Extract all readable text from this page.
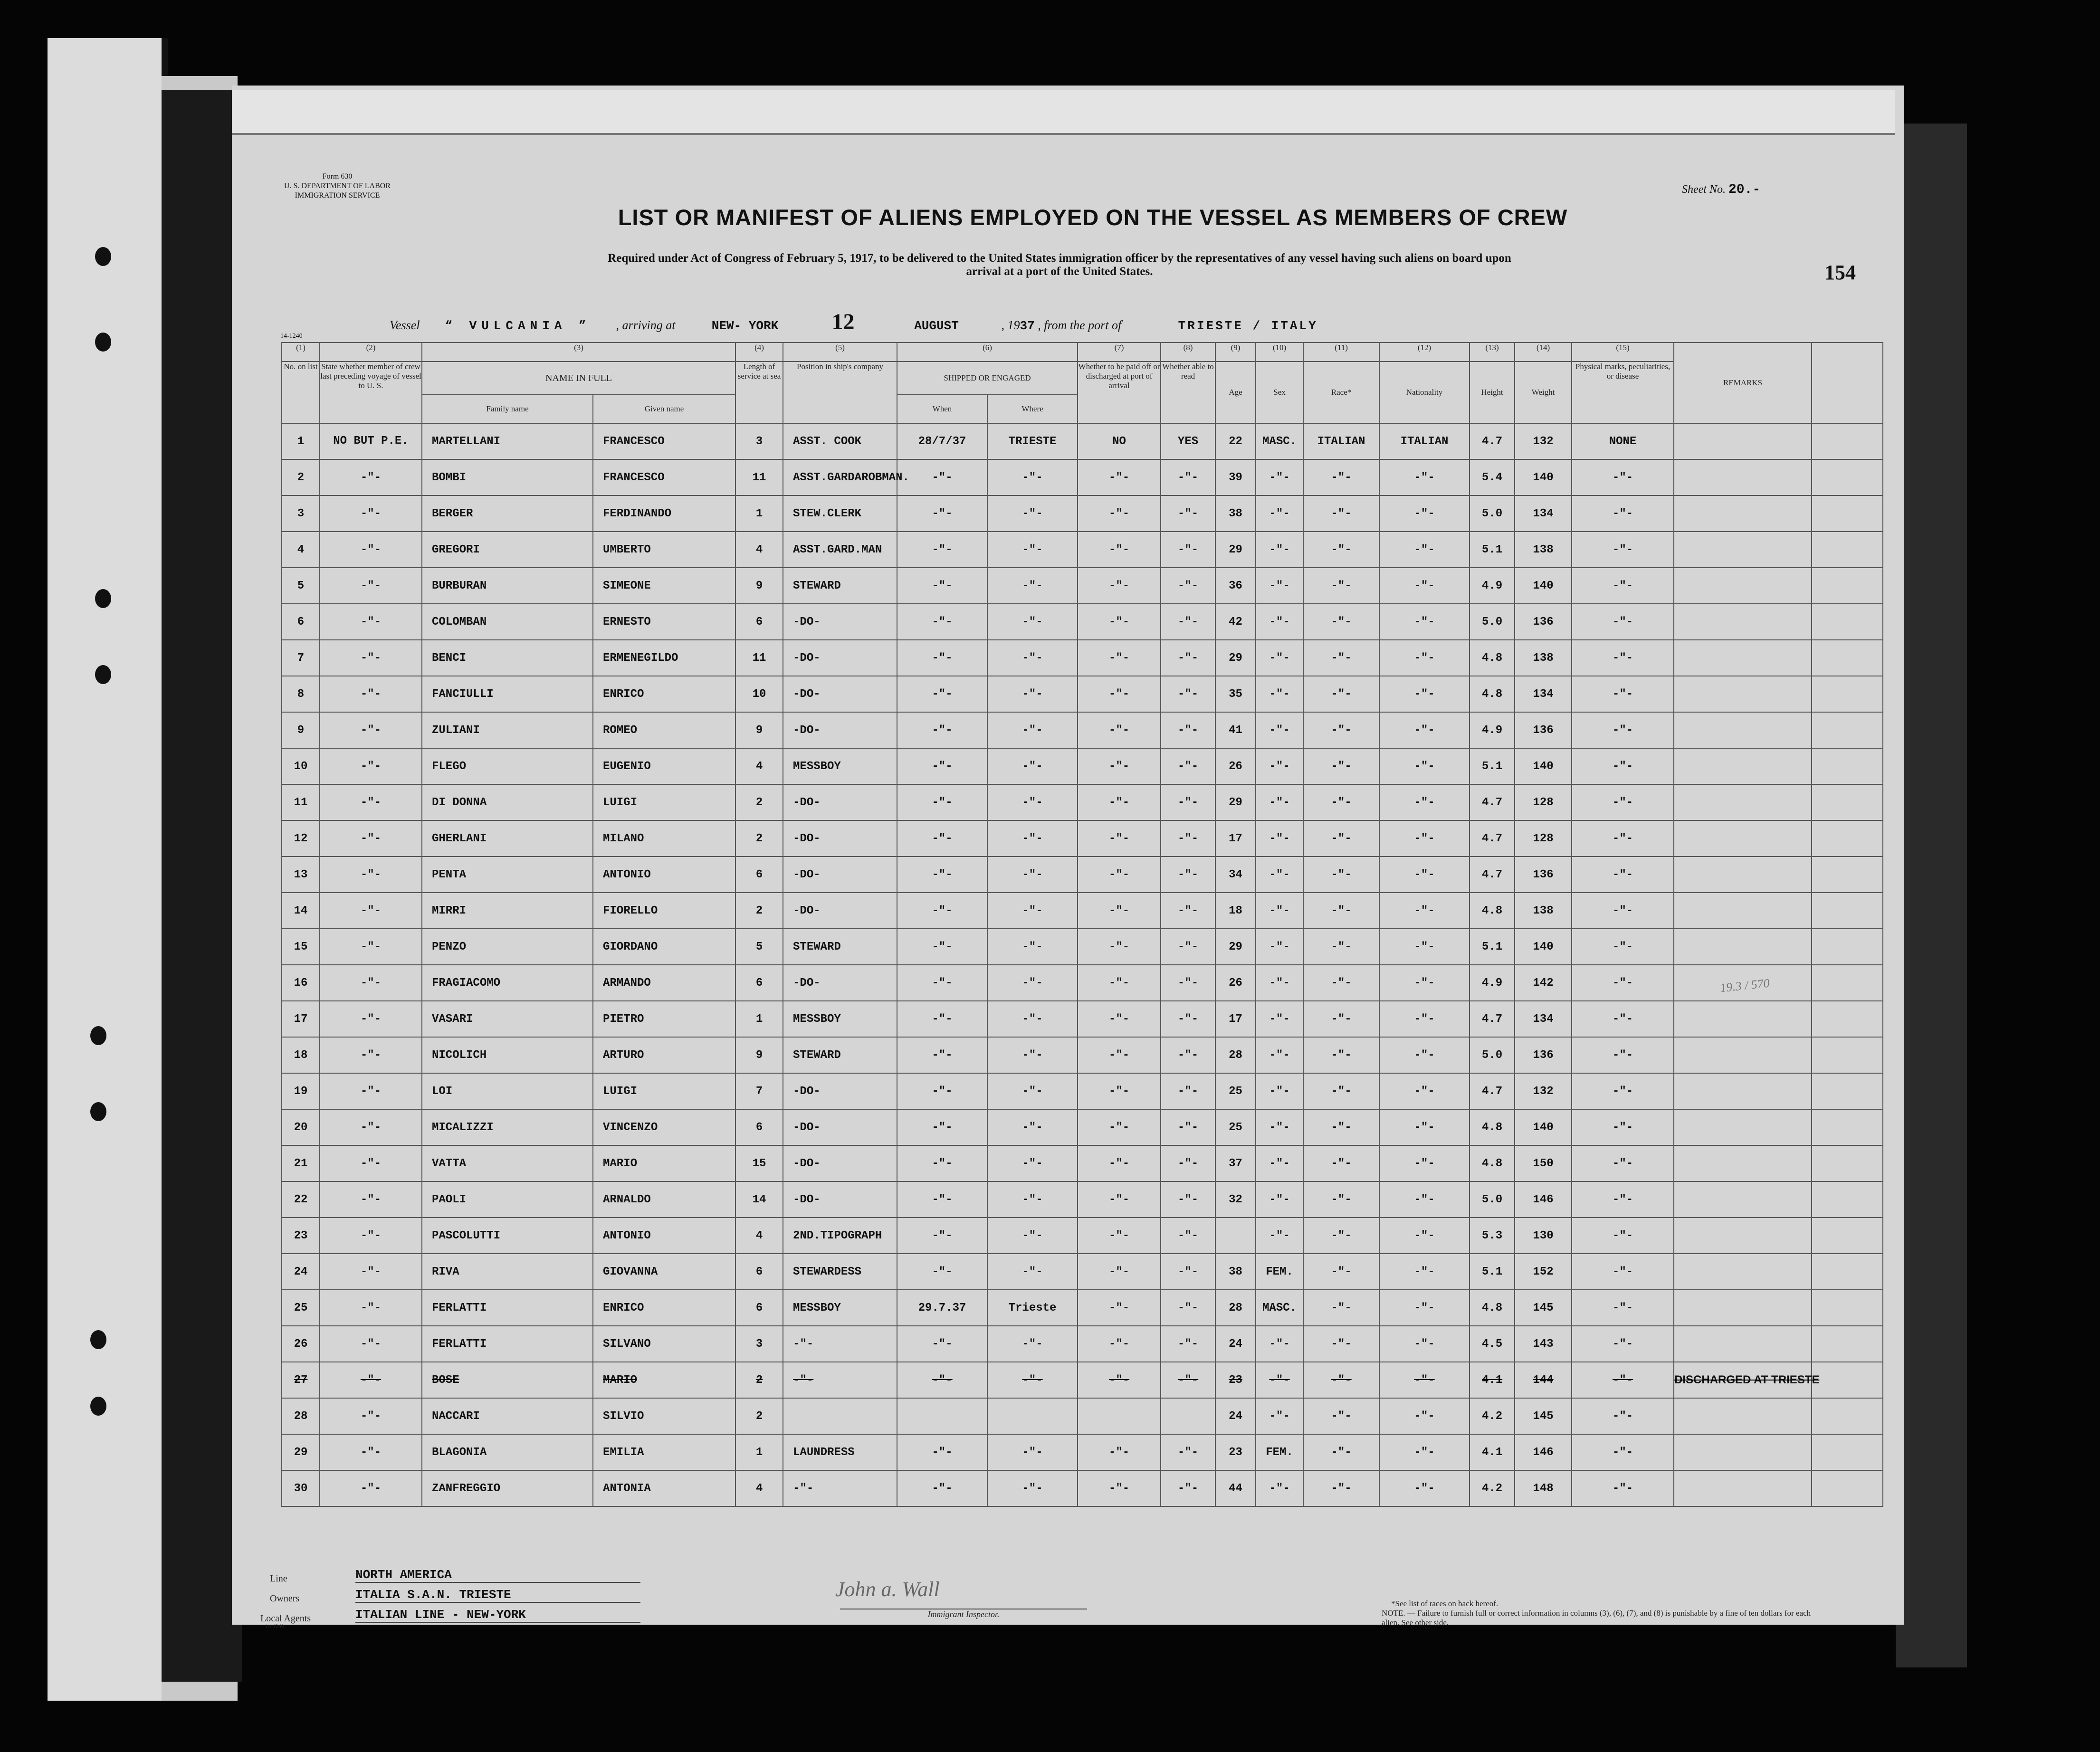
Form 630
U. S. DEPARTMENT OF LABOR
IMMIGRATION SERVICE	Sheet No. 20.-
154
LIST OR MANIFEST OF ALIENS EMPLOYED ON THE VESSEL AS MEMBERS OF CREW
Required under Act of Congress of February 5, 1917, to be delivered to the United States immigration officer by the representatives of any vessel having such aliens on board upon
arrival at a port of the United States.
Vessel “ VULCANIA ” , arriving at	NEW- YORK 12	AUGUST	, 1937 , from the port of	TRIESTE / ITALY
14-1240
(1)	(2)	(3)		(4)	(5)	(6)		(7)	(8)	(9)	(10)	(11)	(12)	(13)	(14)	(15)	REMARKS	
No. on list	State whether member of crew last preceding voyage of vessel to U. S.	NAME IN FULL		Length of service at sea	Position in ship's company	SHIPPED OR ENGAGED		Whether to be paid off or discharged at port of arrival	Whether able to read	Age	Sex	Race*	Nationality	Height	Weight	Physical marks, peculiarities, or disease		
		Family name	Given name			When	Where											
1	NO BUT P.E.	MARTELLANI	FRANCESCO	3	ASST. COOK	28/7/37	TRIESTE	NO	YES	22	MASC.	ITALIAN	ITALIAN	4.7	132	NONE		
2	-"-	BOMBI	FRANCESCO	11	ASST.GARDAROBMAN.	-"-	-"-	-"-	-"-	39	-"-	-"-	-"-	5.4	140	-"-		
3	-"-	BERGER	FERDINANDO	1	STEW.CLERK	-"-	-"-	-"-	-"-	38	-"-	-"-	-"-	5.0	134	-"-		
4	-"-	GREGORI	UMBERTO	4	ASST.GARD.MAN	-"-	-"-	-"-	-"-	29	-"-	-"-	-"-	5.1	138	-"-		
5	-"-	BURBURAN	SIMEONE	9	STEWARD	-"-	-"-	-"-	-"-	36	-"-	-"-	-"-	4.9	140	-"-		
6	-"-	COLOMBAN	ERNESTO	6	-DO-	-"-	-"-	-"-	-"-	42	-"-	-"-	-"-	5.0	136	-"-		
7	-"-	BENCI	ERMENEGILDO	11	-DO-	-"-	-"-	-"-	-"-	29	-"-	-"-	-"-	4.8	138	-"-		
8	-"-	FANCIULLI	ENRICO	10	-DO-	-"-	-"-	-"-	-"-	35	-"-	-"-	-"-	4.8	134	-"-		
9	-"-	ZULIANI	ROMEO	9	-DO-	-"-	-"-	-"-	-"-	41	-"-	-"-	-"-	4.9	136	-"-		
10	-"-	FLEGO	EUGENIO	4	MESSBOY	-"-	-"-	-"-	-"-	26	-"-	-"-	-"-	5.1	140	-"-		
11	-"-	DI DONNA	LUIGI	2	-DO-	-"-	-"-	-"-	-"-	29	-"-	-"-	-"-	4.7	128	-"-		
12	-"-	GHERLANI	MILANO	2	-DO-	-"-	-"-	-"-	-"-	17	-"-	-"-	-"-	4.7	128	-"-		
13	-"-	PENTA	ANTONIO	6	-DO-	-"-	-"-	-"-	-"-	34	-"-	-"-	-"-	4.7	136	-"-		
14	-"-	MIRRI	FIORELLO	2	-DO-	-"-	-"-	-"-	-"-	18	-"-	-"-	-"-	4.8	138	-"-		
15	-"-	PENZO	GIORDANO	5	STEWARD	-"-	-"-	-"-	-"-	29	-"-	-"-	-"-	5.1	140	-"-		
16	-"-	FRAGIACOMO	ARMANDO	6	-DO-	-"-	-"-	-"-	-"-	26	-"-	-"-	-"-	4.9	142	-"-		
17	-"-	VASARI	PIETRO	1	MESSBOY	-"-	-"-	-"-	-"-	17	-"-	-"-	-"-	4.7	134	-"-		
18	-"-	NICOLICH	ARTURO	9	STEWARD	-"-	-"-	-"-	-"-	28	-"-	-"-	-"-	5.0	136	-"-		
19	-"-	LOI	LUIGI	7	-DO-	-"-	-"-	-"-	-"-	25	-"-	-"-	-"-	4.7	132	-"-		
20	-"-	MICALIZZI	VINCENZO	6	-DO-	-"-	-"-	-"-	-"-	25	-"-	-"-	-"-	4.8	140	-"-		
21	-"-	VATTA	MARIO	15	-DO-	-"-	-"-	-"-	-"-	37	-"-	-"-	-"-	4.8	150	-"-		
22	-"-	PAOLI	ARNALDO	14	-DO-	-"-	-"-	-"-	-"-	32	-"-	-"-	-"-	5.0	146	-"-		
23	-"-	PASCOLUTTI	ANTONIO	4	2ND.TIPOGRAPH	-"-	-"-	-"-	-"-		-"-	-"-	-"-	5.3	130	-"-		
24	-"-	RIVA	GIOVANNA	6	STEWARDESS	-"-	-"-	-"-	-"-	38	FEM.	-"-	-"-	5.1	152	-"-		
25	-"-	FERLATTI	ENRICO	6	MESSBOY	29.7.37	Trieste	-"-	-"-	28	MASC.	-"-	-"-	4.8	145	-"-		
26	-"-	FERLATTI	SILVANO	3	-"-	-"-	-"-	-"-	-"-	24	-"-	-"-	-"-	4.5	143	-"-		
27	-"-	BOSE	MARIO	2	-"-	-"-	-"-	-"-	-"-	23	-"-	-"-	-"-	4.1	144	-"-	DISCHARGED AT TRIESTE	
28	-"-	NACCARI	SILVIO	2						24	-"-	-"-	-"-	4.2	145	-"-		
29	-"-	BLAGONIA	EMILIA	1	LAUNDRESS	-"-	-"-	-"-	-"-	23	FEM.	-"-	-"-	4.1	146	-"-		
30	-"-	ZANFREGGIO	ANTONIA	4	-"-	-"-	-"-	-"-	-"-	44	-"-	-"-	-"-	4.2	148	-"-		
19.3 / 570
Line	NORTH AMERICA
Owners	ITALIA S.A.N. TRIESTE
Local Agents	ITALIAN LINE - NEW-YORK
John a. Wall
Immigrant Inspector.
*See list of races on back hereof.
NOTE. — Failure to furnish full or correct information in columns (3), (6), (7), and (8) is punishable by a fine of ten dollars for each alien. See other side.
14-1240
